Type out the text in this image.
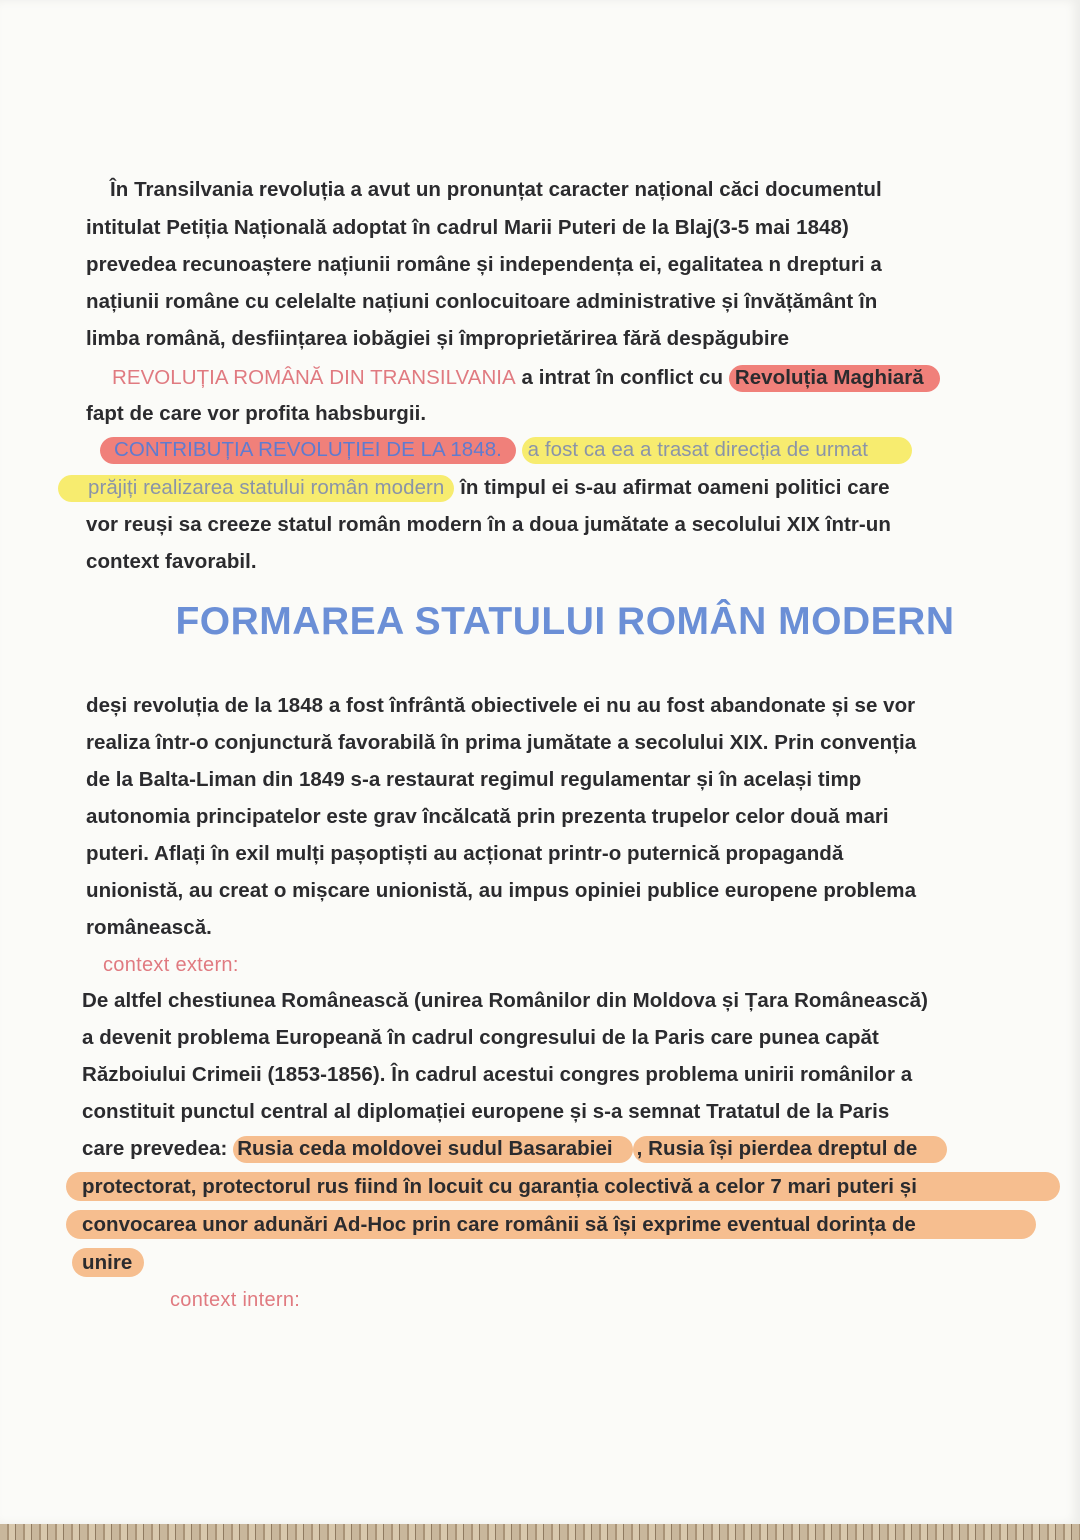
În Transilvania revoluția a avut un pronunțat caracter național căci documentul
intitulat Petiția Națională adoptat în cadrul Marii Puteri de la Blaj(3-5 mai 1848)
prevedea recunoaștere națiunii române și independența ei, egalitatea n drepturi a
națiunii române cu celelalte națiuni conlocuitoare administrative și învățământ în
limba română, desființarea iobăgiei și împroprietărirea fără despăgubire
REVOLUȚIA ROMÂNĂ DIN TRANSILVANIA a intrat în conflict cu Revoluția Maghiară
fapt de care vor profita habsburgii.
CONTRIBUȚIA REVOLUȚIEI DE LA 1848. a fost ca ea a trasat direcția de urmat
prăjiți realizarea statului român modern în timpul ei s-au afirmat oameni politici care
vor reuși sa creeze statul român modern în a doua jumătate a secolului XIX într-un
context favorabil.
FORMAREA STATULUI ROMÂN MODERN
deși revoluția de la 1848 a fost înfrântă obiectivele ei nu au fost abandonate și se vor
realiza într-o conjunctură favorabilă în prima jumătate a secolului XIX. Prin convenția
de la Balta-Liman din 1849 s-a restaurat regimul regulamentar și în același timp
autonomia principatelor este grav încălcată prin prezenta trupelor celor două mari
puteri. Aflați în exil mulți pașoptiști au acționat printr-o puternică propagandă
unionistă, au creat o mișcare unionistă, au impus opiniei publice europene problema
românească.
context extern:
De altfel chestiunea Românească (unirea Românilor din Moldova și Țara Românească)
a devenit problema Europeană în cadrul congresului de la Paris care punea capăt
Războiului Crimeii (1853-1856). În cadrul acestui congres problema unirii românilor a
constituit punctul central al diplomației europene și s-a semnat Tratatul de la Paris
care prevedea: Rusia ceda moldovei sudul Basarabiei , Rusia își pierdea dreptul de
protectorat, protectorul rus fiind în locuit cu garanția colectivă a celor 7 mari puteri și
convocarea unor adunări Ad-Hoc prin care românii să își exprime eventual dorința de
unire
context intern:
